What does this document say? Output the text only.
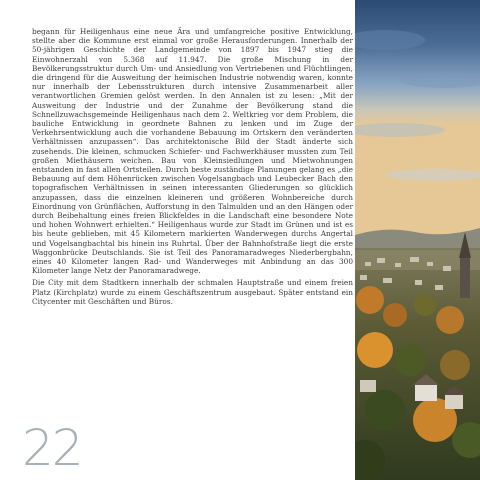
begann für Heiligenhaus eine neue Ära und umfangreiche positive Entwicklung, stellte aber die Kommune erst einmal vor große Herausforderungen. Innerhalb der 50-jährigen Geschichte der Landgemeinde von 1897 bis 1947 stieg die Einwohnerzahl von 5.368 auf 11.947. Die große Mischung in der Bevölkerungsstruktur durch Um- und Ansiedlung von Vertriebenen und Flüchtlingen, die dringend für die Ausweitung der heimischen Industrie notwendig waren, konnte nur innerhalb der Lebensstrukturen durch intensive Zusammenarbeit aller verantwortlichen Gremien gelöst werden. In den Annalen ist zu lesen: „Mit der Ausweitung der Industrie und der Zunahme der Bevölkerung stand die Schnellzuwachsgemeinde Heiligenhaus nach dem 2. Weltkrieg vor dem Problem, die bauliche Entwicklung in geordnete Bahnen zu lenken und im Zuge der Verkehrsentwicklung auch die vorhandene Bebauung im Ortskern den veränderten Verhältnissen anzupassen“. Das architektonische Bild der Stadt änderte sich zusehends. Die kleinen, schmucken Schiefer- und Fachwerkhäuser mussten zum Teil großen Miethäusern weichen. Bau von Kleinsiedlungen und Mietwohnungen entstanden in fast allen Ortsteilen. Durch beste zuständige Planungen gelang es „die Bebauung auf dem Höhenrücken zwischen Vogelsangbach und Leubecker Bach den topografischen Verhältnissen in seinen interessanten Gliederungen so glücklich anzupassen, dass die einzelnen kleineren und größeren Wohnbereiche durch Einordnung von Grünflächen, Aufforstung in den Talmulden und an den Hängen oder durch Beibehaltung eines freien Blickfeldes in die Landschaft eine besondere Note und hohen Wohnwert erhielten.“ Heiligenhaus wurde zur Stadt im Grünen und ist es bis heute geblieben, mit 45 Kilometern markierten Wanderwegen durchs Angertal und Vogelsangbachtal bis hinein ins Ruhrtal. Über der Bahnhofstraße liegt die erste Waggonbrücke Deutschlands. Sie ist Teil des Panoramaradweges Niederbergbahn, eines 40 Kilometer langen Rad- und Wanderweges mit Anbindung an das 300 Kilometer lange Netz der Panoramaradwege.

Die City mit dem Stadtkern innerhalb der schmalen Hauptstraße und einem freien Platz (Kirchplatz) wurde zu einem Geschäftszentrum ausgebaut. Später entstand ein Citycenter mit Geschäften und Büros.

22
